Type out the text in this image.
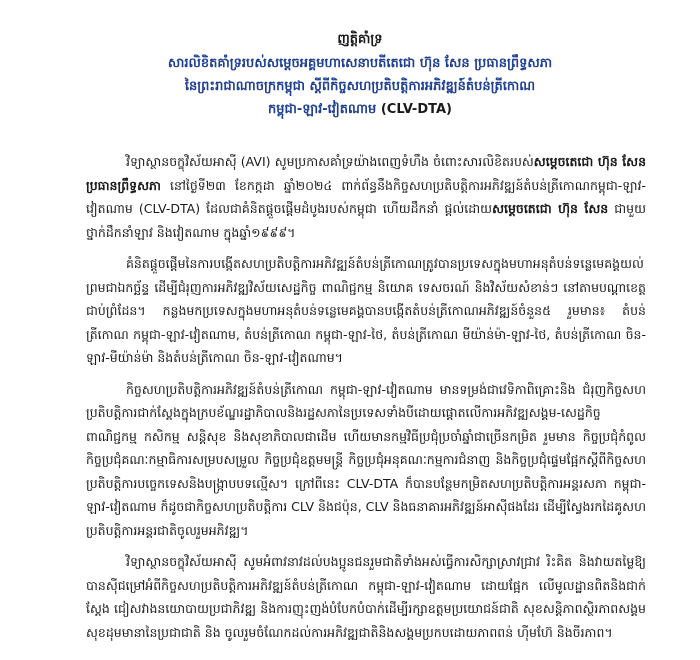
ញត្តិគាំទ្រ

សារលិខិតគាំទ្ររបស់សម្តេចអគ្គមហាសេនាបតីតេជោ ហ៊ុន សែន ប្រធានព្រឹទ្ធសភា
នៃព្រះរាជាណាចក្រកម្ពុជា ស្តីពីកិច្ចសហប្រតិបត្តិការអភិវឌ្ឍន៍តំបន់ត្រីកោណ
កម្ពុជា-ឡាវ-វៀតណាម (CLV-DTA)

វិទ្យាស្ថានចក្ខុវិស័យអាស៊ី (AVI) សូមប្រកាសគាំទ្រយ៉ាងពេញទំហឹង ចំពោះសារលិខិតរបស់សម្តេចតេជោ ហ៊ុន សែន ប្រធានព្រឹទ្ធសភា នៅថ្ងៃទី២៣ ខែកក្កដា ឆ្នាំ២០២៤ ពាក់ព័ន្ធនឹងកិច្ចសហប្រតិបត្តិការអភិវឌ្ឍន៍តំបន់ត្រីកោណកម្ពុជា-ឡាវ-វៀតណាម (CLV-DTA) ដែលជាគំនិតផ្តួចផ្តើមដំបូងរបស់កម្ពុជា ហើយដឹកនាំ ផ្តល់ដោយសម្តេចតេជោ ហ៊ុន សែន ជាមួយថ្នាក់ដឹកនាំឡាវ និងវៀតណាម ក្នុងឆ្នាំ១៩៩៩។

គំនិតផ្តួចផ្តើមនៃការបង្កើតសហប្រតិបត្តិការអភិវឌ្ឍន៍តំបន់ត្រីកោណត្រូវបានប្រទេសក្នុងមហាអនុតំបន់ទន្លេមេគង្គយល់ព្រមជាឯកច្ឆ័ន្ទ ដើម្បីជំរុញការអភិវឌ្ឍវិស័យសេដ្ឋកិច្ច ពាណិជ្ជកម្ម និយោគ ទេសចរណ៍ និងវិស័យសំខាន់ៗ នៅតាមបណ្តាខេត្តជាប់ព្រំដែន។ កន្លងមកប្រទេសក្នុងមហាអនុតំបន់ទន្លេមេគង្គបានបង្កើតតំបន់ត្រីកោណអភិវឌ្ឍន៍ចំនួន៥ រួមមាន៖ តំបន់ត្រីកោណ កម្ពុជា-ឡាវ-វៀតណាម, តំបន់ត្រីកោណ កម្ពុជា-ឡាវ-ថៃ, តំបន់ត្រីកោណ មីយ៉ាន់ម៉ា-ឡាវ-ថៃ, តំបន់ត្រីកោណ ចិន-ឡាវ-មីយ៉ាន់ម៉ា និងតំបន់ត្រីកោណ ចិន-ឡាវ-វៀតណាម។

កិច្ចសហប្រតិបត្តិការអភិវឌ្ឍន៍តំបន់ត្រីកោណ កម្ពុជា-ឡាវ-វៀតណាម មានទម្រង់ជាវេទិកាពិគ្រោះនិង ជំរុញកិច្ចសហប្រតិបត្តិការជាក់ស្តែងក្នុងក្របខ័ណ្ឌរដ្ឋាភិបាលនិងរដ្ឋសភានៃប្រទេសទាំងបីដោយផ្តោតលើការអភិវឌ្ឍសង្គម-សេដ្ឋកិច្ច ពាណិជ្ជកម្ម កសិកម្ម សន្តិសុខ និងសុខាភិបាលជាដើម ហើយមានកម្មវិធីប្រជុំប្រចាំឆ្នាំជាច្រើនកម្រិត រួមមាន កិច្ចប្រជុំកំពូល កិច្ចប្រជុំគណៈកម្មាធិការសម្របសម្រួល កិច្ចប្រជុំឧត្តមមន្ត្រី កិច្ចប្រជុំអនុគណៈកម្មការជំនាញ និងកិច្ចប្រជុំផ្ទេមផ្អែកស្តីពីកិច្ចសហប្រតិបត្តិការបច្ចេកទេសនិងបង្ក្រាបបទល្មើស។ ក្រៅពីនេះ CLV-DTA ក៏បានបន្ថែមកម្រិតសហប្រតិបត្តិការអន្តរសភា កម្ពុជា-ឡាវ-វៀតណាម ក៏ដូចជាកិច្ចសហប្រតិបត្តិការ CLV និងជប៉ុន, CLV និងធនាគារអភិវឌ្ឍន៍អាស៊ីផងដែរ ដើម្បីស្វែងរកដៃគូសហប្រតិបត្តិការអន្តរជាតិចូលរួមអភិវឌ្ឍ។

វិទ្យាស្ថានចក្ខុវិស័យអាស៊ី សូមអំពាវនាវដល់បងប្អូនជនរួមជាតិទាំងអស់ធ្វើការសិក្សាស្រាវជ្រាវ រិះគិត និងវាយតម្លៃឱ្យបានស៊ីជម្រៅអំពីកិច្ចសហប្រតិបត្តិការអភិវឌ្ឍន៍តំបន់ត្រីកោណ កម្ពុជា-ឡាវ-វៀតណាម ដោយផ្អែក លើមូលដ្ឋានពិតនិងជាក់ស្តែង ជៀសវាងនយោបាយប្រជាភិវឌ្ឍ និងការញុះញង់បំបែកបំបាក់ដើម្បីរក្សាឧត្តមប្រយោជន៍ជាតិ សុខសន្តិភាពស្ថិរភាពសង្គម សុខដុមមានានៃប្រជាជាតិ និង ចូលរួមចំណែកដល់ការអភិវឌ្ឍជាតិនិងសង្គមប្រកបដោយភាពពន់ ហ៊ីមហ៊ែ និងចីរភាព។
